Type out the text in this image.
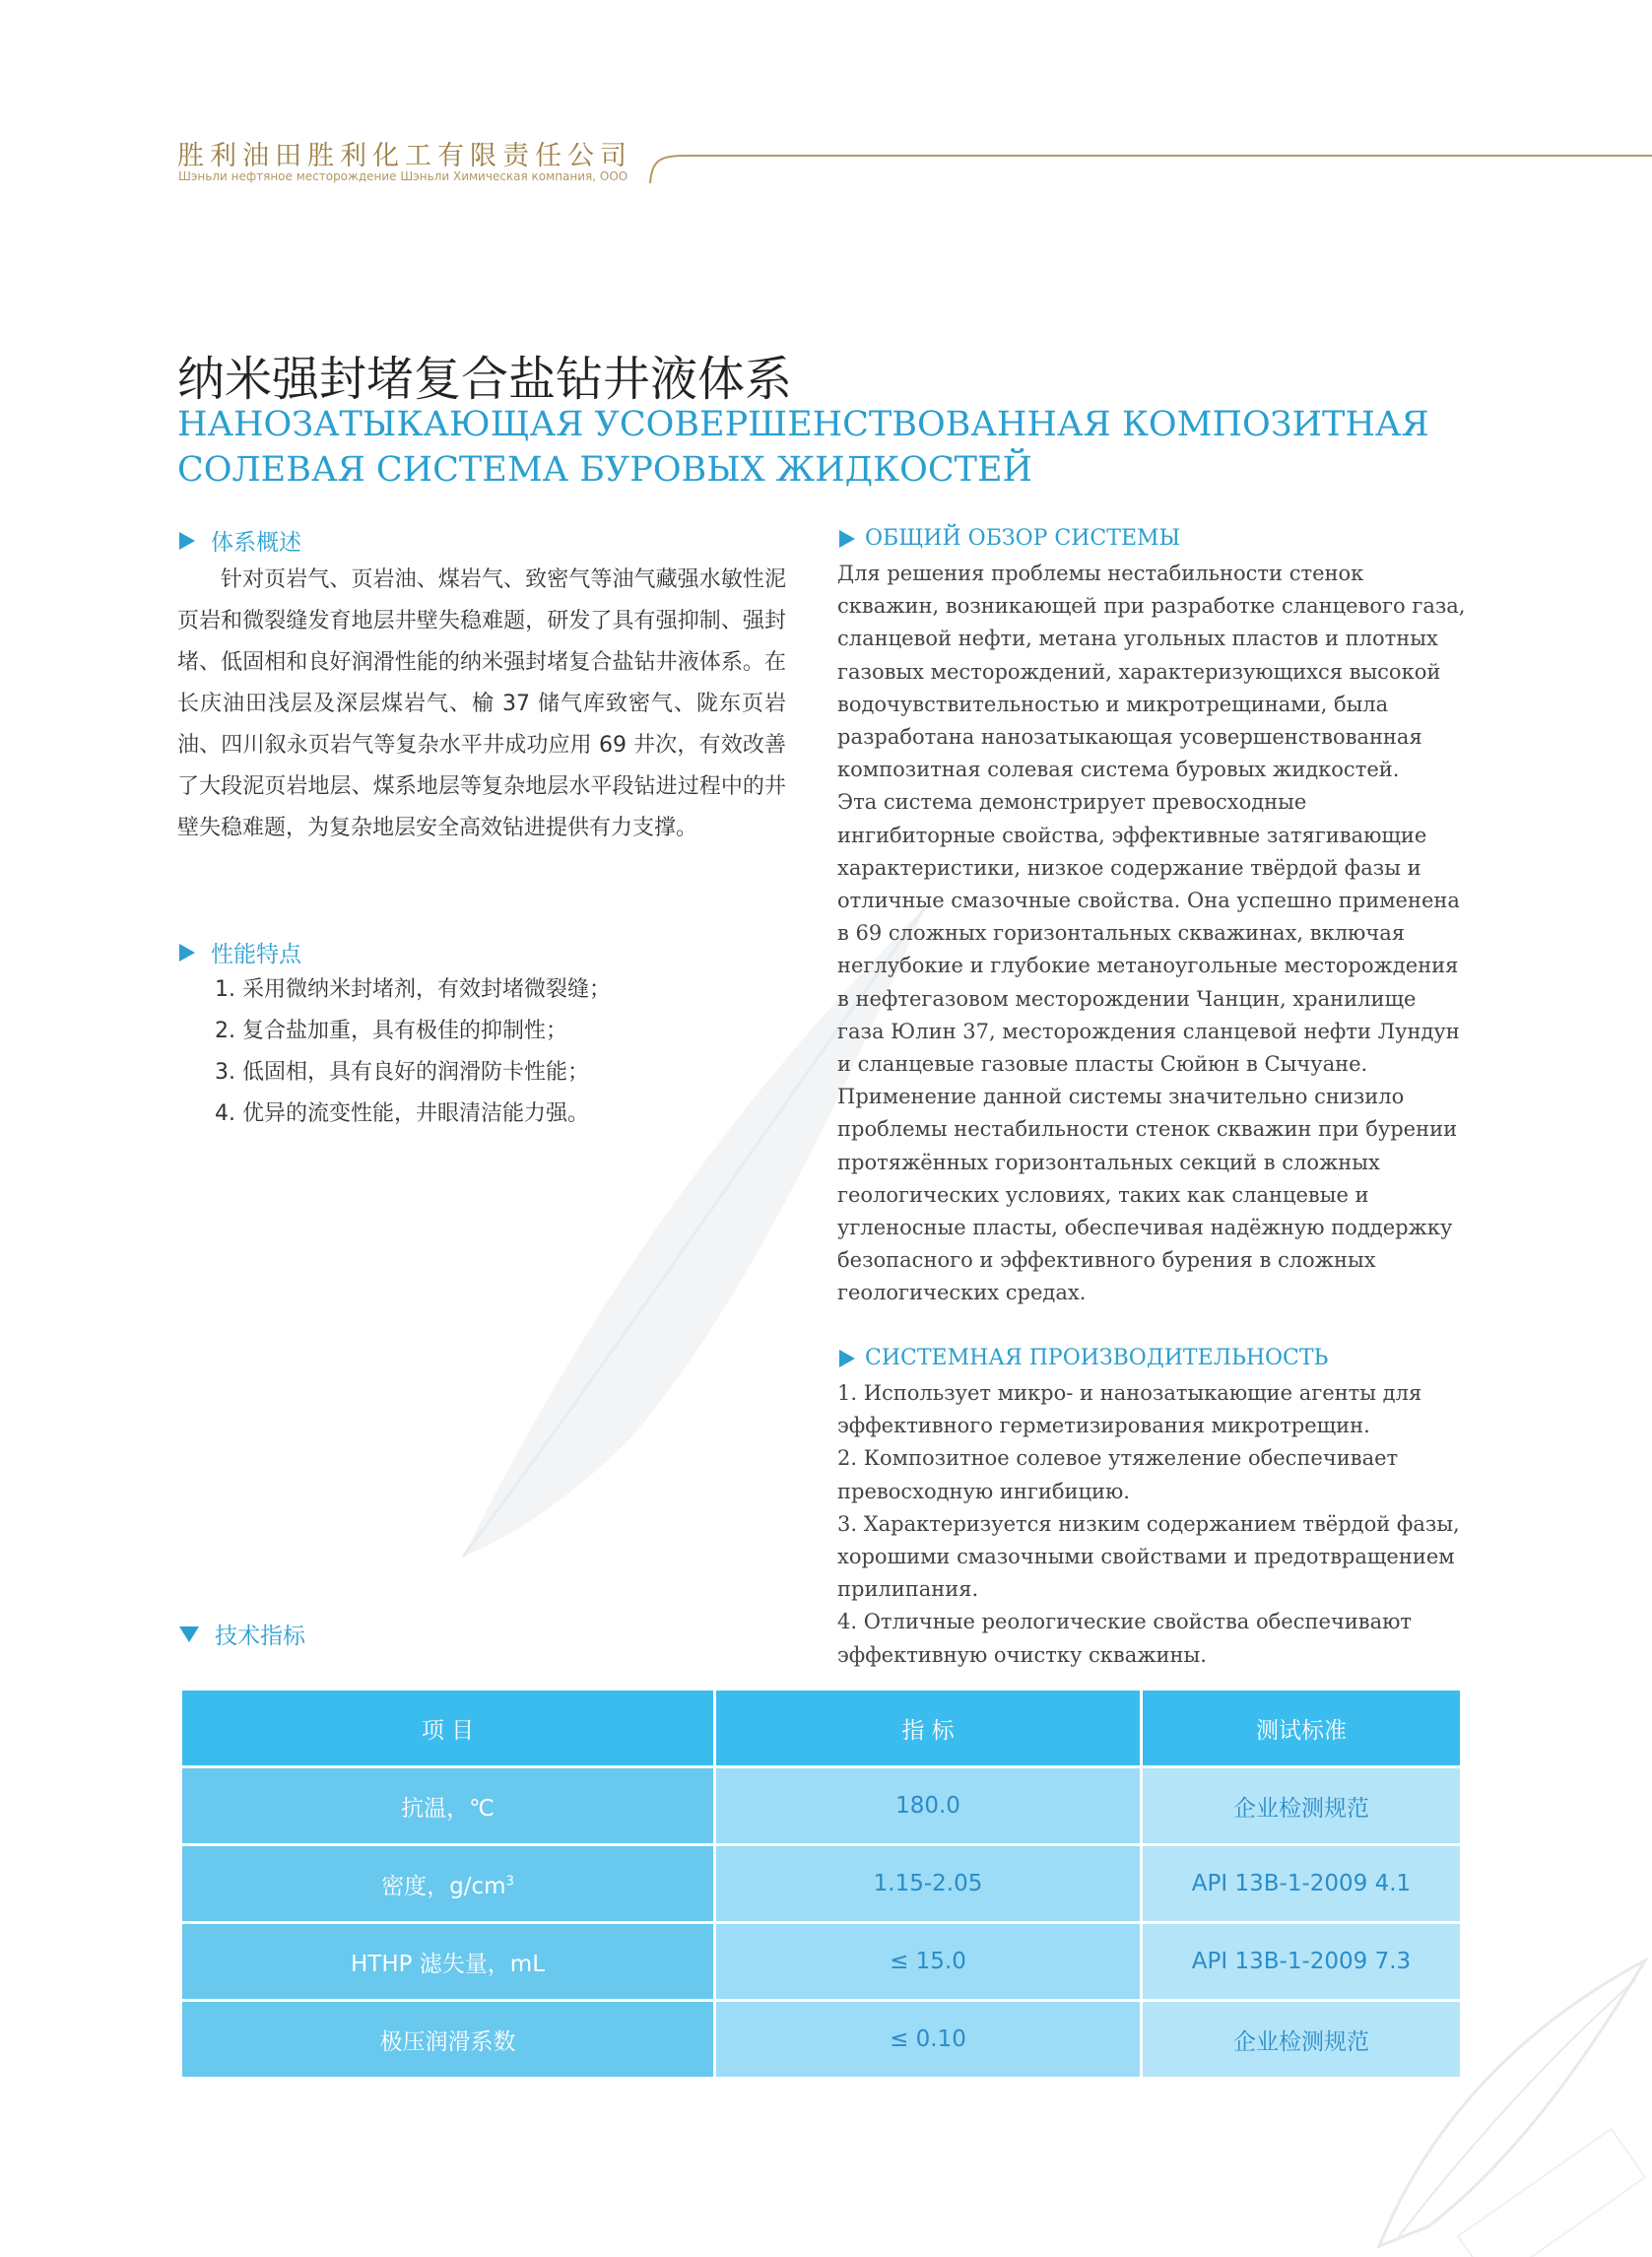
胜利油田胜利化工有限责任公司
Шэньли нефтяное месторождение Шэньли Химическая компания, ООО
纳米强封堵复合盐钻井液体系
НАНОЗАТЫКАЮЩАЯ УСОВЕРШЕНСТВОВАННАЯ КОМПОЗИТНАЯ СОЛЕВАЯ СИСТЕМА БУРОВЫХ ЖИДКОСТЕЙ
体系概述
针对页岩气、页岩油、煤岩气、致密气等油气藏强水敏性泥页岩和微裂缝发育地层井壁失稳难题，研发了具有强抑制、强封堵、低固相和良好润滑性能的纳米强封堵复合盐钻井液体系。在长庆油田浅层及深层煤岩气、榆 37 储气库致密气、陇东页岩油、四川叙永页岩气等复杂水平井成功应用 69 井次，有效改善了大段泥页岩地层、煤系地层等复杂地层水平段钻进过程中的井壁失稳难题，为复杂地层安全高效钻进提供有力支撑。
性能特点
1. 采用微纳米封堵剂，有效封堵微裂缝；
2. 复合盐加重，具有极佳的抑制性；
3. 低固相，具有良好的润滑防卡性能；
4. 优异的流变性能，井眼清洁能力强。
ОБЩИЙ ОБЗОР СИСТЕМЫ

Для решения проблемы нестабильности стенок скважин, возникающей при разработке сланцевого газа, сланцевой нефти, метана угольных пластов и плотных газовых месторождений, характеризующихся высокой водочувствительностью и микротрещинами, была разработана нанозатыкающая усовершенствованная композитная солевая система буровых жидкостей.

Эта система демонстрирует превосходные ингибиторные свойства, эффективные затягивающие характеристики, низкое содержание твёрдой фазы и отличные смазочные свойства. Она успешно применена в 69 сложных горизонтальных скважинах, включая неглубокие и глубокие метаноугольные месторождения в нефтегазовом месторождении Чанцин, хранилище газа Юлин 37, месторождения сланцевой нефти Лундун и сланцевые газовые пласты Сюйюн в Сычуане.

Применение данной системы значительно снизило проблемы нестабильности стенок скважин при бурении протяжённых горизонтальных секций в сложных геологических условиях, таких как сланцевые и угленосные пласты, обеспечивая надёжную поддержку безопасного и эффективного бурения в сложных геологических средах.

СИСТЕМНАЯ ПРОИЗВОДИТЕЛЬНОСТЬ
1. Использует микро- и нанозатыкающие агенты для эффективного герметизирования микротрещин.
2. Композитное солевое утяжеление обеспечивает превосходную ингибицию.
3. Характеризуется низким содержанием твёрдой фазы, хорошими смазочными свойствами и предотвращением прилипания.
4. Отличные реологические свойства обеспечивают эффективную очистку скважины.
技术指标
项 目	指 标	测试标准
抗温，℃	180.0	企业检测规范
密度，$g/cm^3$	1.15-2.05	API 13B-1-2009 4.1
HTHP 滤失量，mL	≤ 15.0	API 13B-1-2009 7.3
极压润滑系数	≤ 0.10	企业检测规范
